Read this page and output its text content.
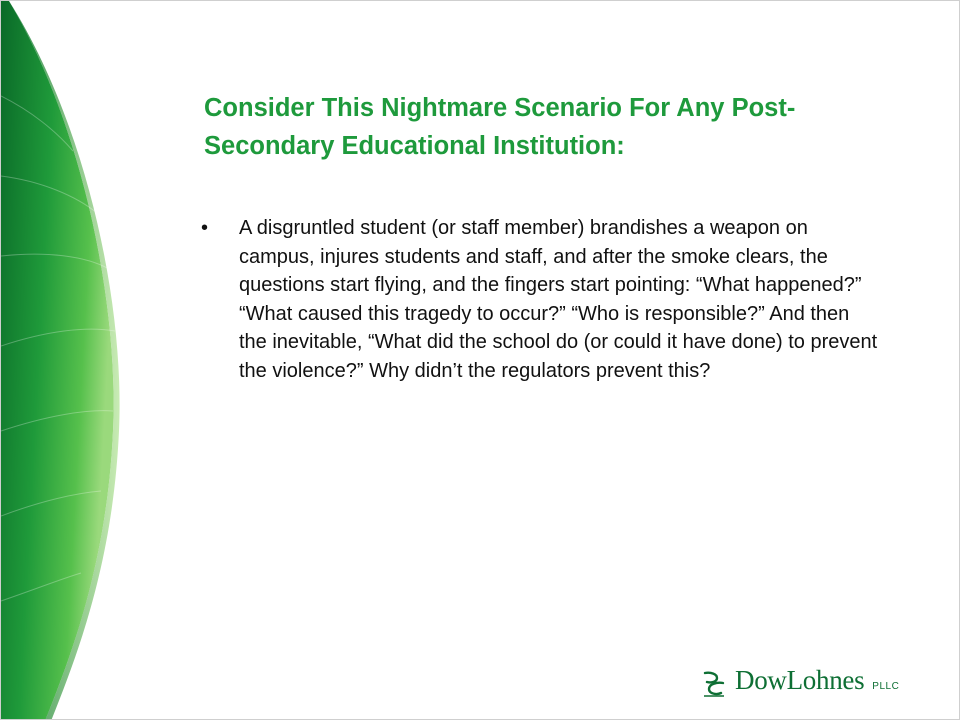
Consider This Nightmare Scenario For Any Post-Secondary Educational Institution:
• A disgruntled student (or staff member) brandishes a weapon on campus, injures students and staff, and after the smoke clears, the questions start flying, and the fingers start pointing: “What happened?” “What caused this tragedy to occur?” “Who is responsible?” And then the inevitable, “What did the school do (or could it have done) to prevent the violence?” Why didn’t the regulators prevent this?
DowLohnes PLLC
